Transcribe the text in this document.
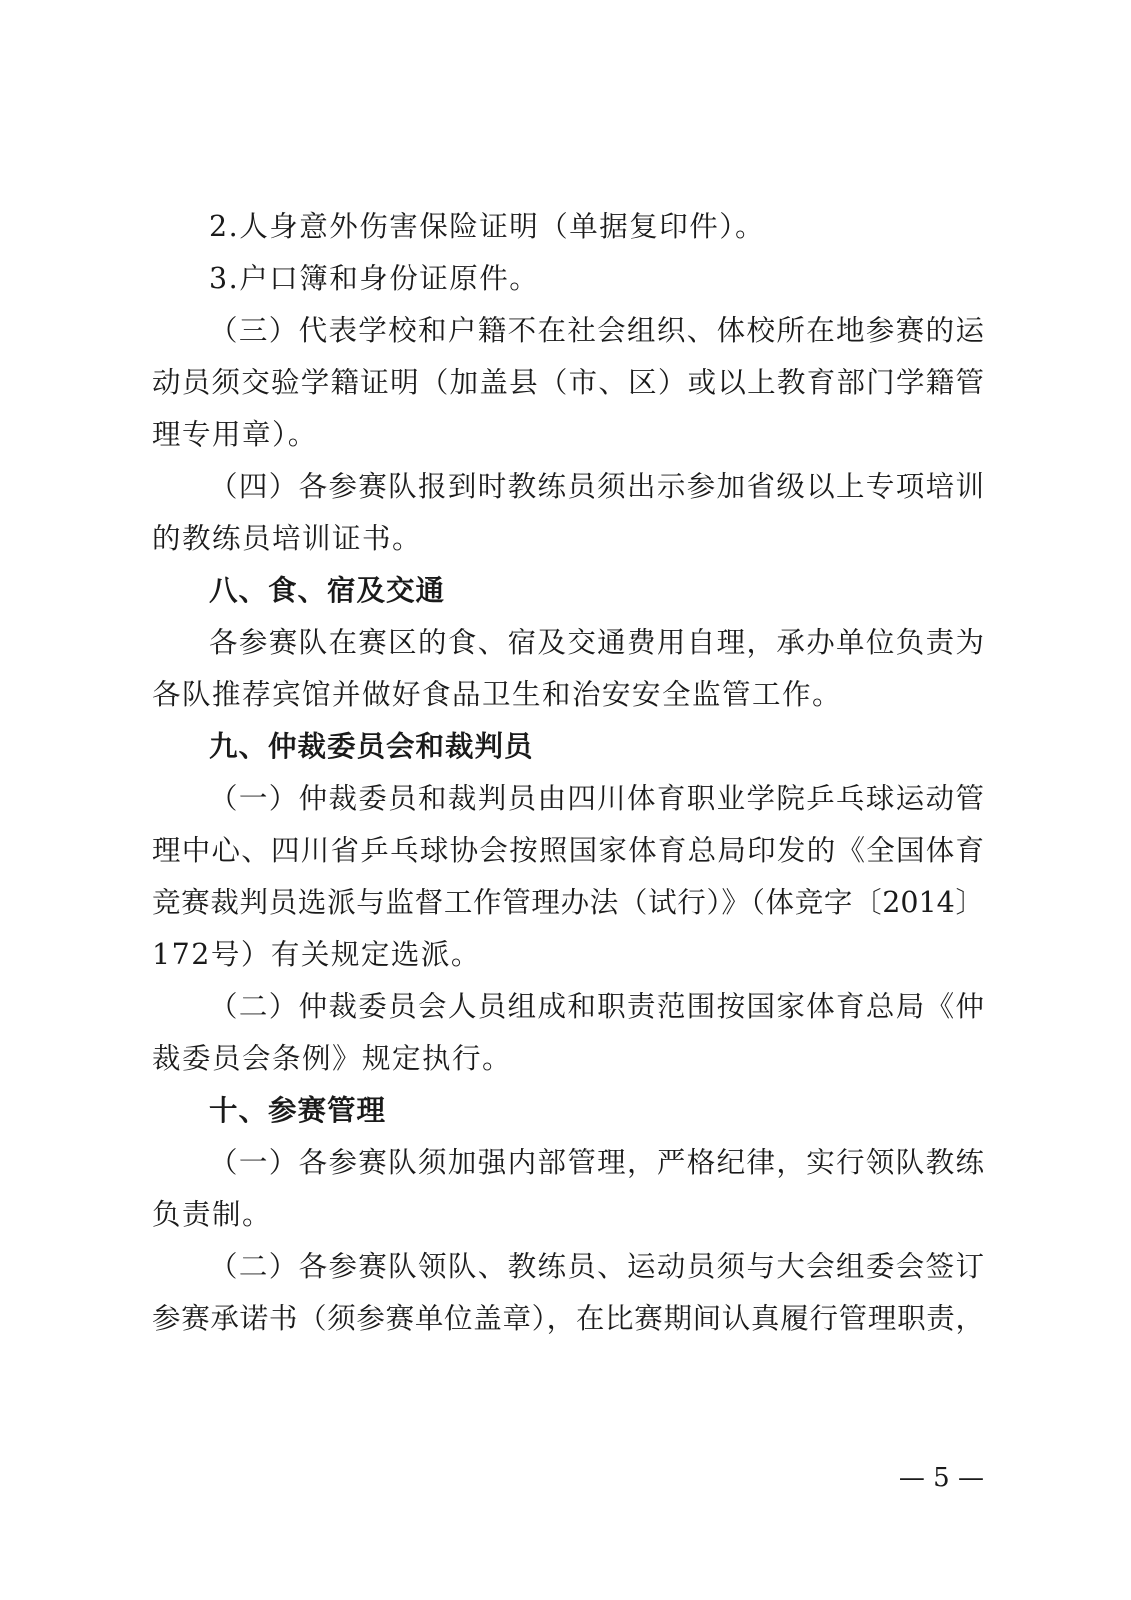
2.人身意外伤害保险证明（单据复印件）。
3.户口簿和身份证原件。
（三）代表学校和户籍不在社会组织、体校所在地参赛的运
动员须交验学籍证明（加盖县（市、区）或以上教育部门学籍管
理专用章）。
（四）各参赛队报到时教练员须出示参加省级以上专项培训
的教练员培训证书。
八、食、宿及交通
各参赛队在赛区的食、宿及交通费用自理，承办单位负责为
各队推荐宾馆并做好食品卫生和治安安全监管工作。
九、仲裁委员会和裁判员
（一）仲裁委员和裁判员由四川体育职业学院乒乓球运动管
理中心、四川省乒乓球协会按照国家体育总局印发的《全国体育
竞赛裁判员选派与监督工作管理办法（试行）》（体竞字〔2014〕
172号）有关规定选派。
（二）仲裁委员会人员组成和职责范围按国家体育总局《仲
裁委员会条例》规定执行。
十、参赛管理
（一）各参赛队须加强内部管理，严格纪律，实行领队教练
负责制。
（二）各参赛队领队、教练员、运动员须与大会组委会签订
参赛承诺书（须参赛单位盖章），在比赛期间认真履行管理职责，
— 5 —
